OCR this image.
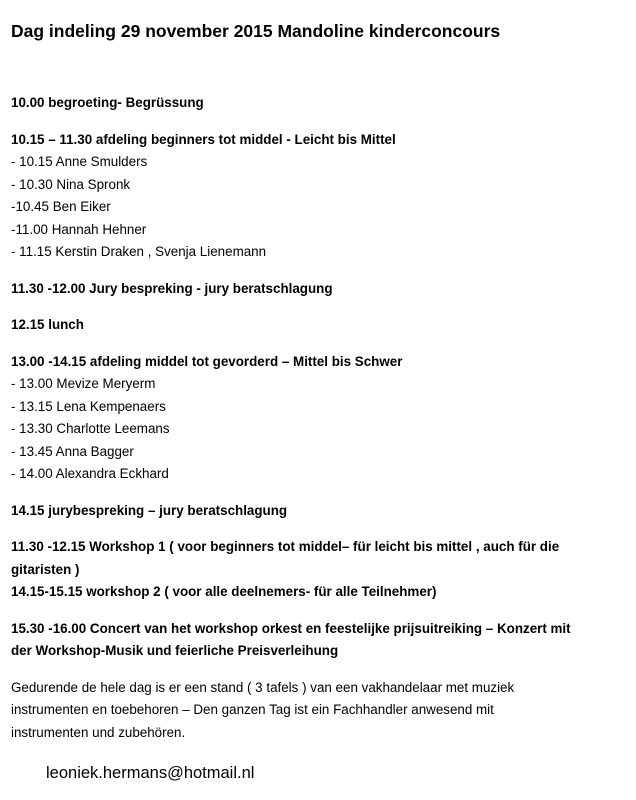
Dag indeling 29 november 2015 Mandoline kinderconcours
10.00 begroeting- Begrüssung
10.15 – 11.30 afdeling beginners tot middel - Leicht bis Mittel
- 10.15 Anne Smulders
- 10.30 Nina Spronk
-10.45 Ben Eiker
-11.00 Hannah Hehner
- 11.15 Kerstin Draken , Svenja Lienemann
11.30 -12.00 Jury bespreking - jury beratschlagung
12.15 lunch
13.00 -14.15 afdeling middel tot gevorderd – Mittel bis Schwer
- 13.00 Mevize Meryerm
- 13.15 Lena Kempenaers
- 13.30 Charlotte Leemans
- 13.45 Anna Bagger
- 14.00 Alexandra Eckhard
14.15 jurybespreking – jury beratschlagung
11.30 -12.15 Workshop 1 ( voor beginners tot middel– für leicht bis mittel , auch für die
gitaristen )
14.15-15.15 workshop 2 ( voor alle deelnemers- für alle Teilnehmer)
15.30 -16.00 Concert van het workshop orkest en feestelijke prijsuitreiking – Konzert mit
der Workshop-Musik und feierliche Preisverleihung
Gedurende de hele dag is er een stand ( 3 tafels ) van een vakhandelaar met muziek
instrumenten en toebehoren – Den ganzen Tag ist ein Fachhandler anwesend mit
instrumenten und zubehören.
leoniek.hermans@hotmail.nl
